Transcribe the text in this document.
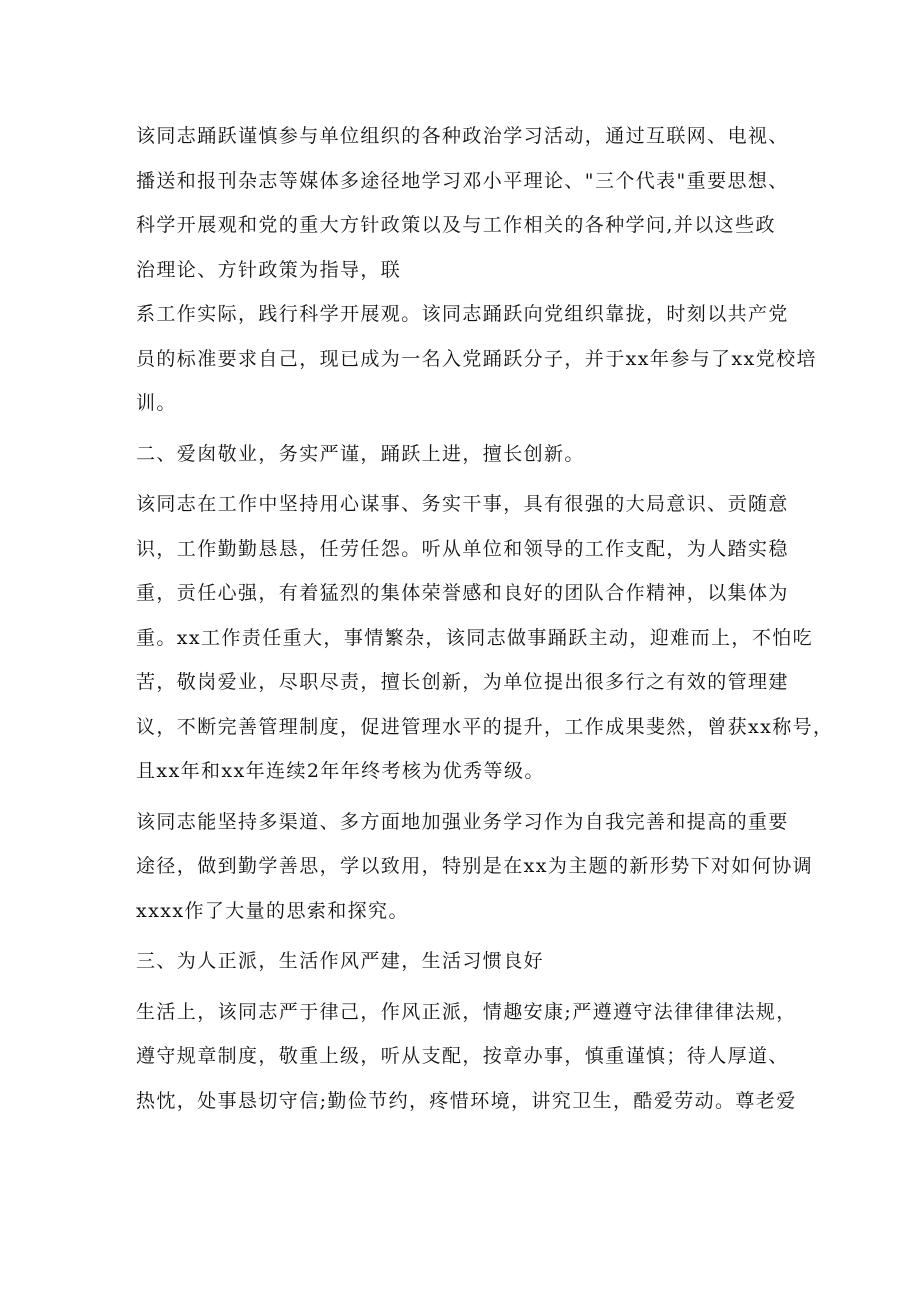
该同志踊跃谨慎参与单位组织的各种政治学习活动，通过互联网、电视、
播送和报刊杂志等媒体多途径地学习邓小平理论、"三个代表"重要思想、
科学开展观和党的重大方针政策以及与工作相关的各种学问,并以这些政
治理论、方针政策为指导，联
系工作实际，践行科学开展观。该同志踊跃向党组织靠拢，时刻以共产党
员的标准要求自己，现已成为一名入党踊跃分子，并于xx年参与了xx党校培
训。
二、爱囱敬业，务实严谨，踊跃上进，擅长创新。
该同志在工作中坚持用心谋事、务实干事，具有很强的大局意识、贡随意
识，工作勤勤恳恳，任劳任怨。听从单位和领导的工作支配，为人踏实稳
重，贡任心强，有着猛烈的集体荣誉感和良好的团队合作精神，以集体为
重。xx工作责任重大，事情繁杂，该同志做事踊跃主动，迎难而上，不怕吃
苦，敬岗爱业，尽职尽责，擅长创新，为单位提出很多行之有效的管理建
议，不断完善管理制度，促进管理水平的提升，工作成果斐然，曾获xx称号，
且xx年和xx年连续2年年终考核为优秀等级。
该同志能坚持多渠道、多方面地加强业务学习作为自我完善和提高的重要
途径，做到勤学善思，学以致用，特别是在xx为主题的新形势下对如何协调
xxxx作了大量的思索和探究。
三、为人正派，生活作风严建，生活习惯良好
生活上，该同志严于律己，作风正派，情趣安康;严遵遵守法律律律法规，
遵守规章制度，敬重上级，听从支配，按章办事，慎重谨慎；待人厚道、
热忱，处事恳切守信;勤俭节约，疼惜环境，讲究卫生，酷爱劳动。尊老爱
